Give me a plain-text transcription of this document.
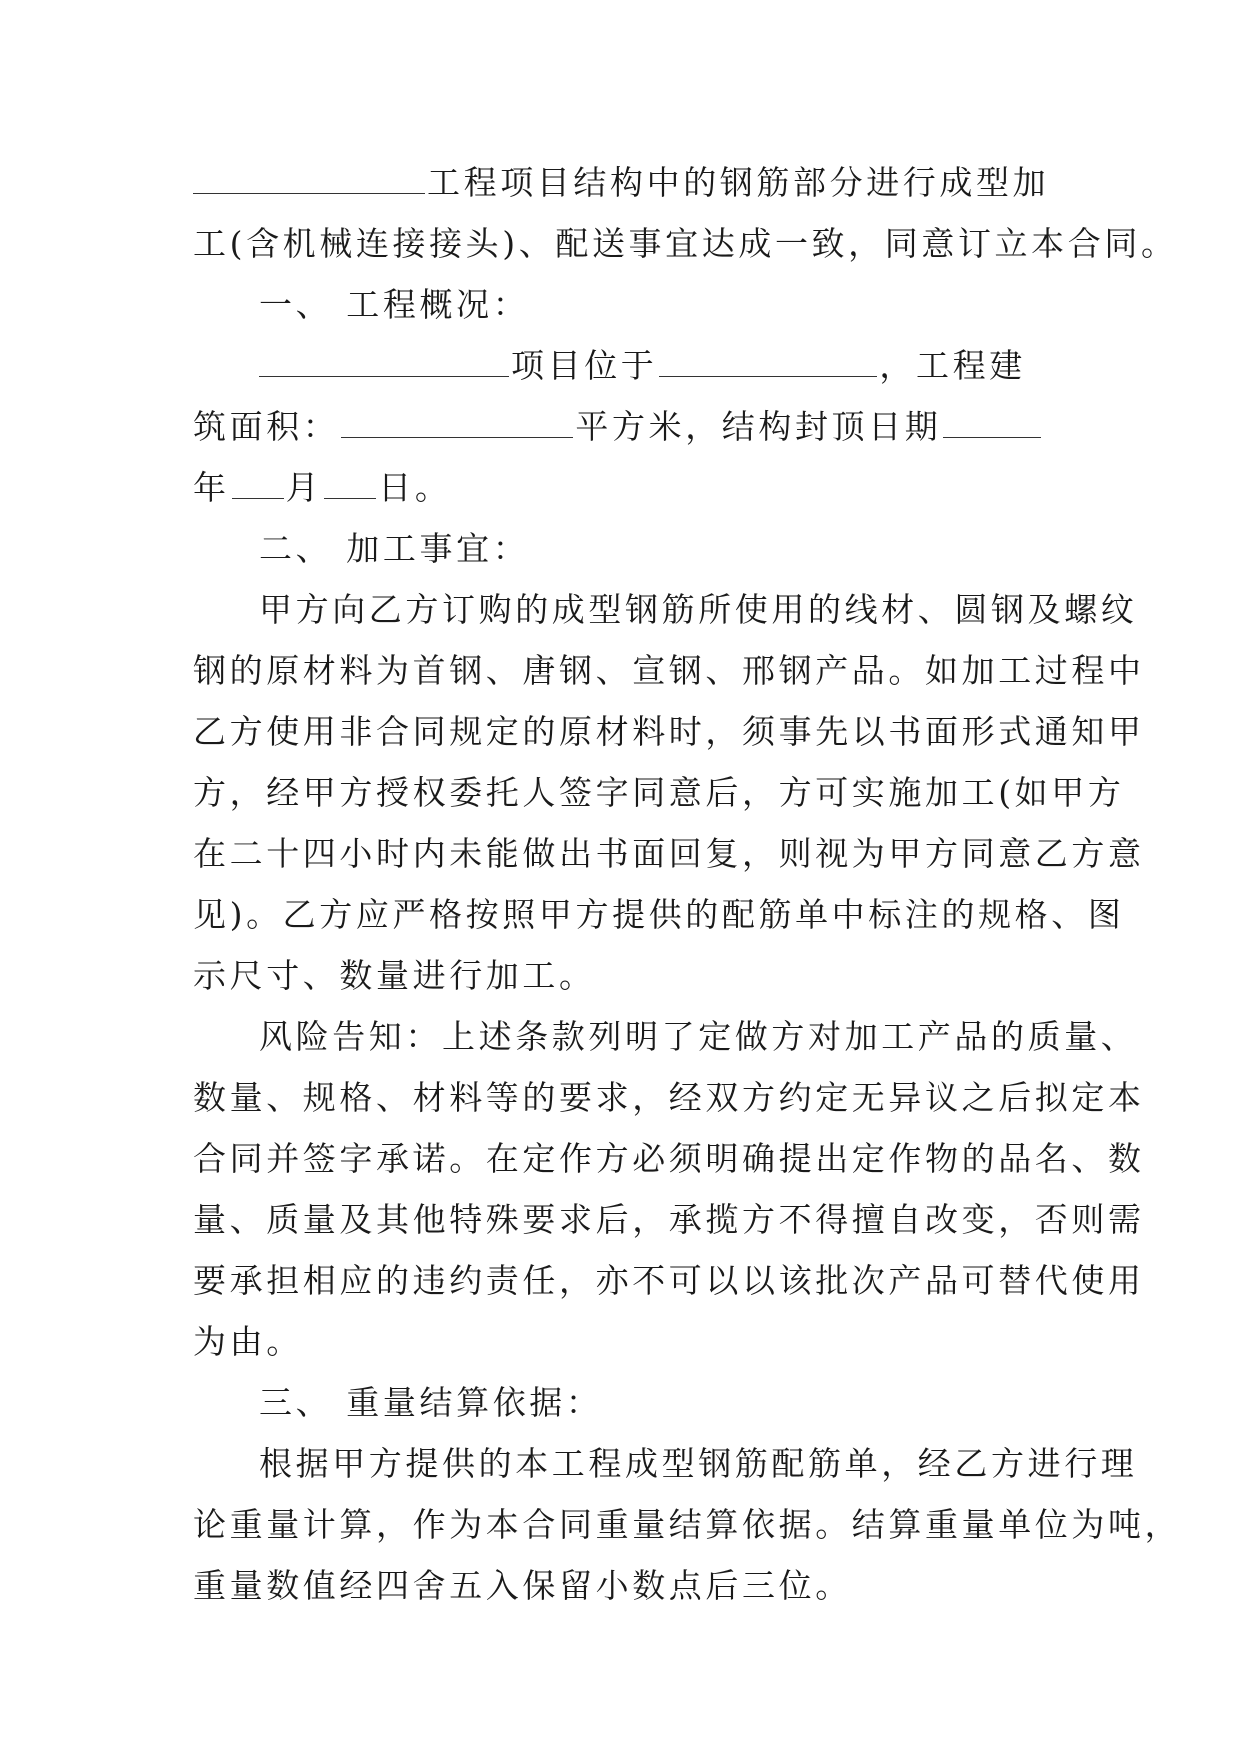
工程项目结构中的钢筋部分进行成型加
工(含机械连接接头)、配送事宜达成一致，同意订立本合同。
一、 工程概况：
项目位于	，工程建
筑面积：	平方米，结构封顶日期
年 月 日。
二、 加工事宜：
甲方向乙方订购的成型钢筋所使用的线材、圆钢及螺纹
钢的原材料为首钢、唐钢、宣钢、邢钢产品。如加工过程中
乙方使用非合同规定的原材料时，须事先以书面形式通知甲
方，经甲方授权委托人签字同意后，方可实施加工(如甲方
在二十四小时内未能做出书面回复，则视为甲方同意乙方意
见)。乙方应严格按照甲方提供的配筋单中标注的规格、图
示尺寸、数量进行加工。
风险告知：上述条款列明了定做方对加工产品的质量、
数量、规格、材料等的要求，经双方约定无异议之后拟定本
合同并签字承诺。在定作方必须明确提出定作物的品名、数
量、质量及其他特殊要求后，承揽方不得擅自改变，否则需
要承担相应的违约责任，亦不可以以该批次产品可替代使用
为由。
三、 重量结算依据：
根据甲方提供的本工程成型钢筋配筋单，经乙方进行理
论重量计算，作为本合同重量结算依据。结算重量单位为吨，
重量数值经四舍五入保留小数点后三位。
